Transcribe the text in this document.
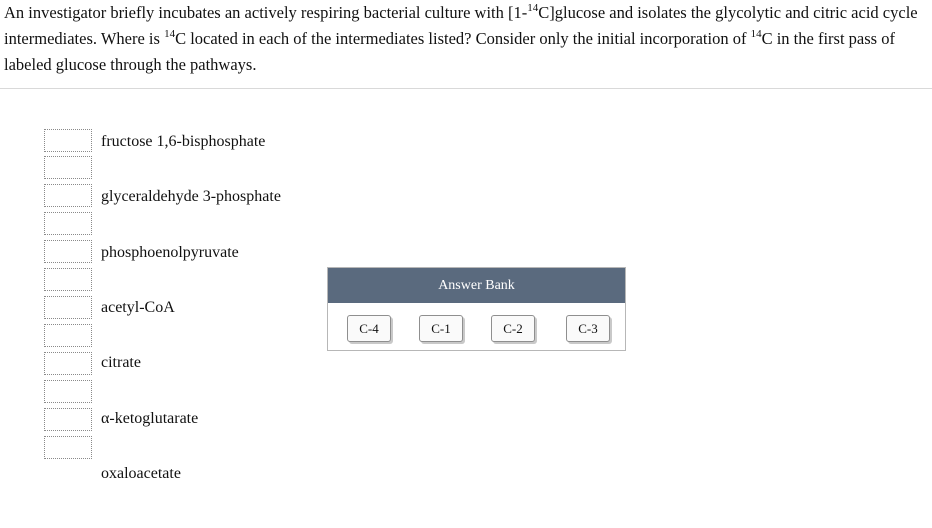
An investigator briefly incubates an actively respiring bacterial culture with [1-$^{14}$C]glucose and isolates the glycolytic and citric acid cycle intermediates. Where is $^{14}$C located in each of the intermediates listed? Consider only the initial incorporation of $^{14}$C in the first pass of labeled glucose through the pathways.

fructose 1,6-bisphosphate
glyceraldehyde 3-phosphate
phosphoenolpyruvate
acetyl-CoA
citrate
α-ketoglutarate
oxaloacetate
Answer Bank
C-4	C-1	C-2	C-3
